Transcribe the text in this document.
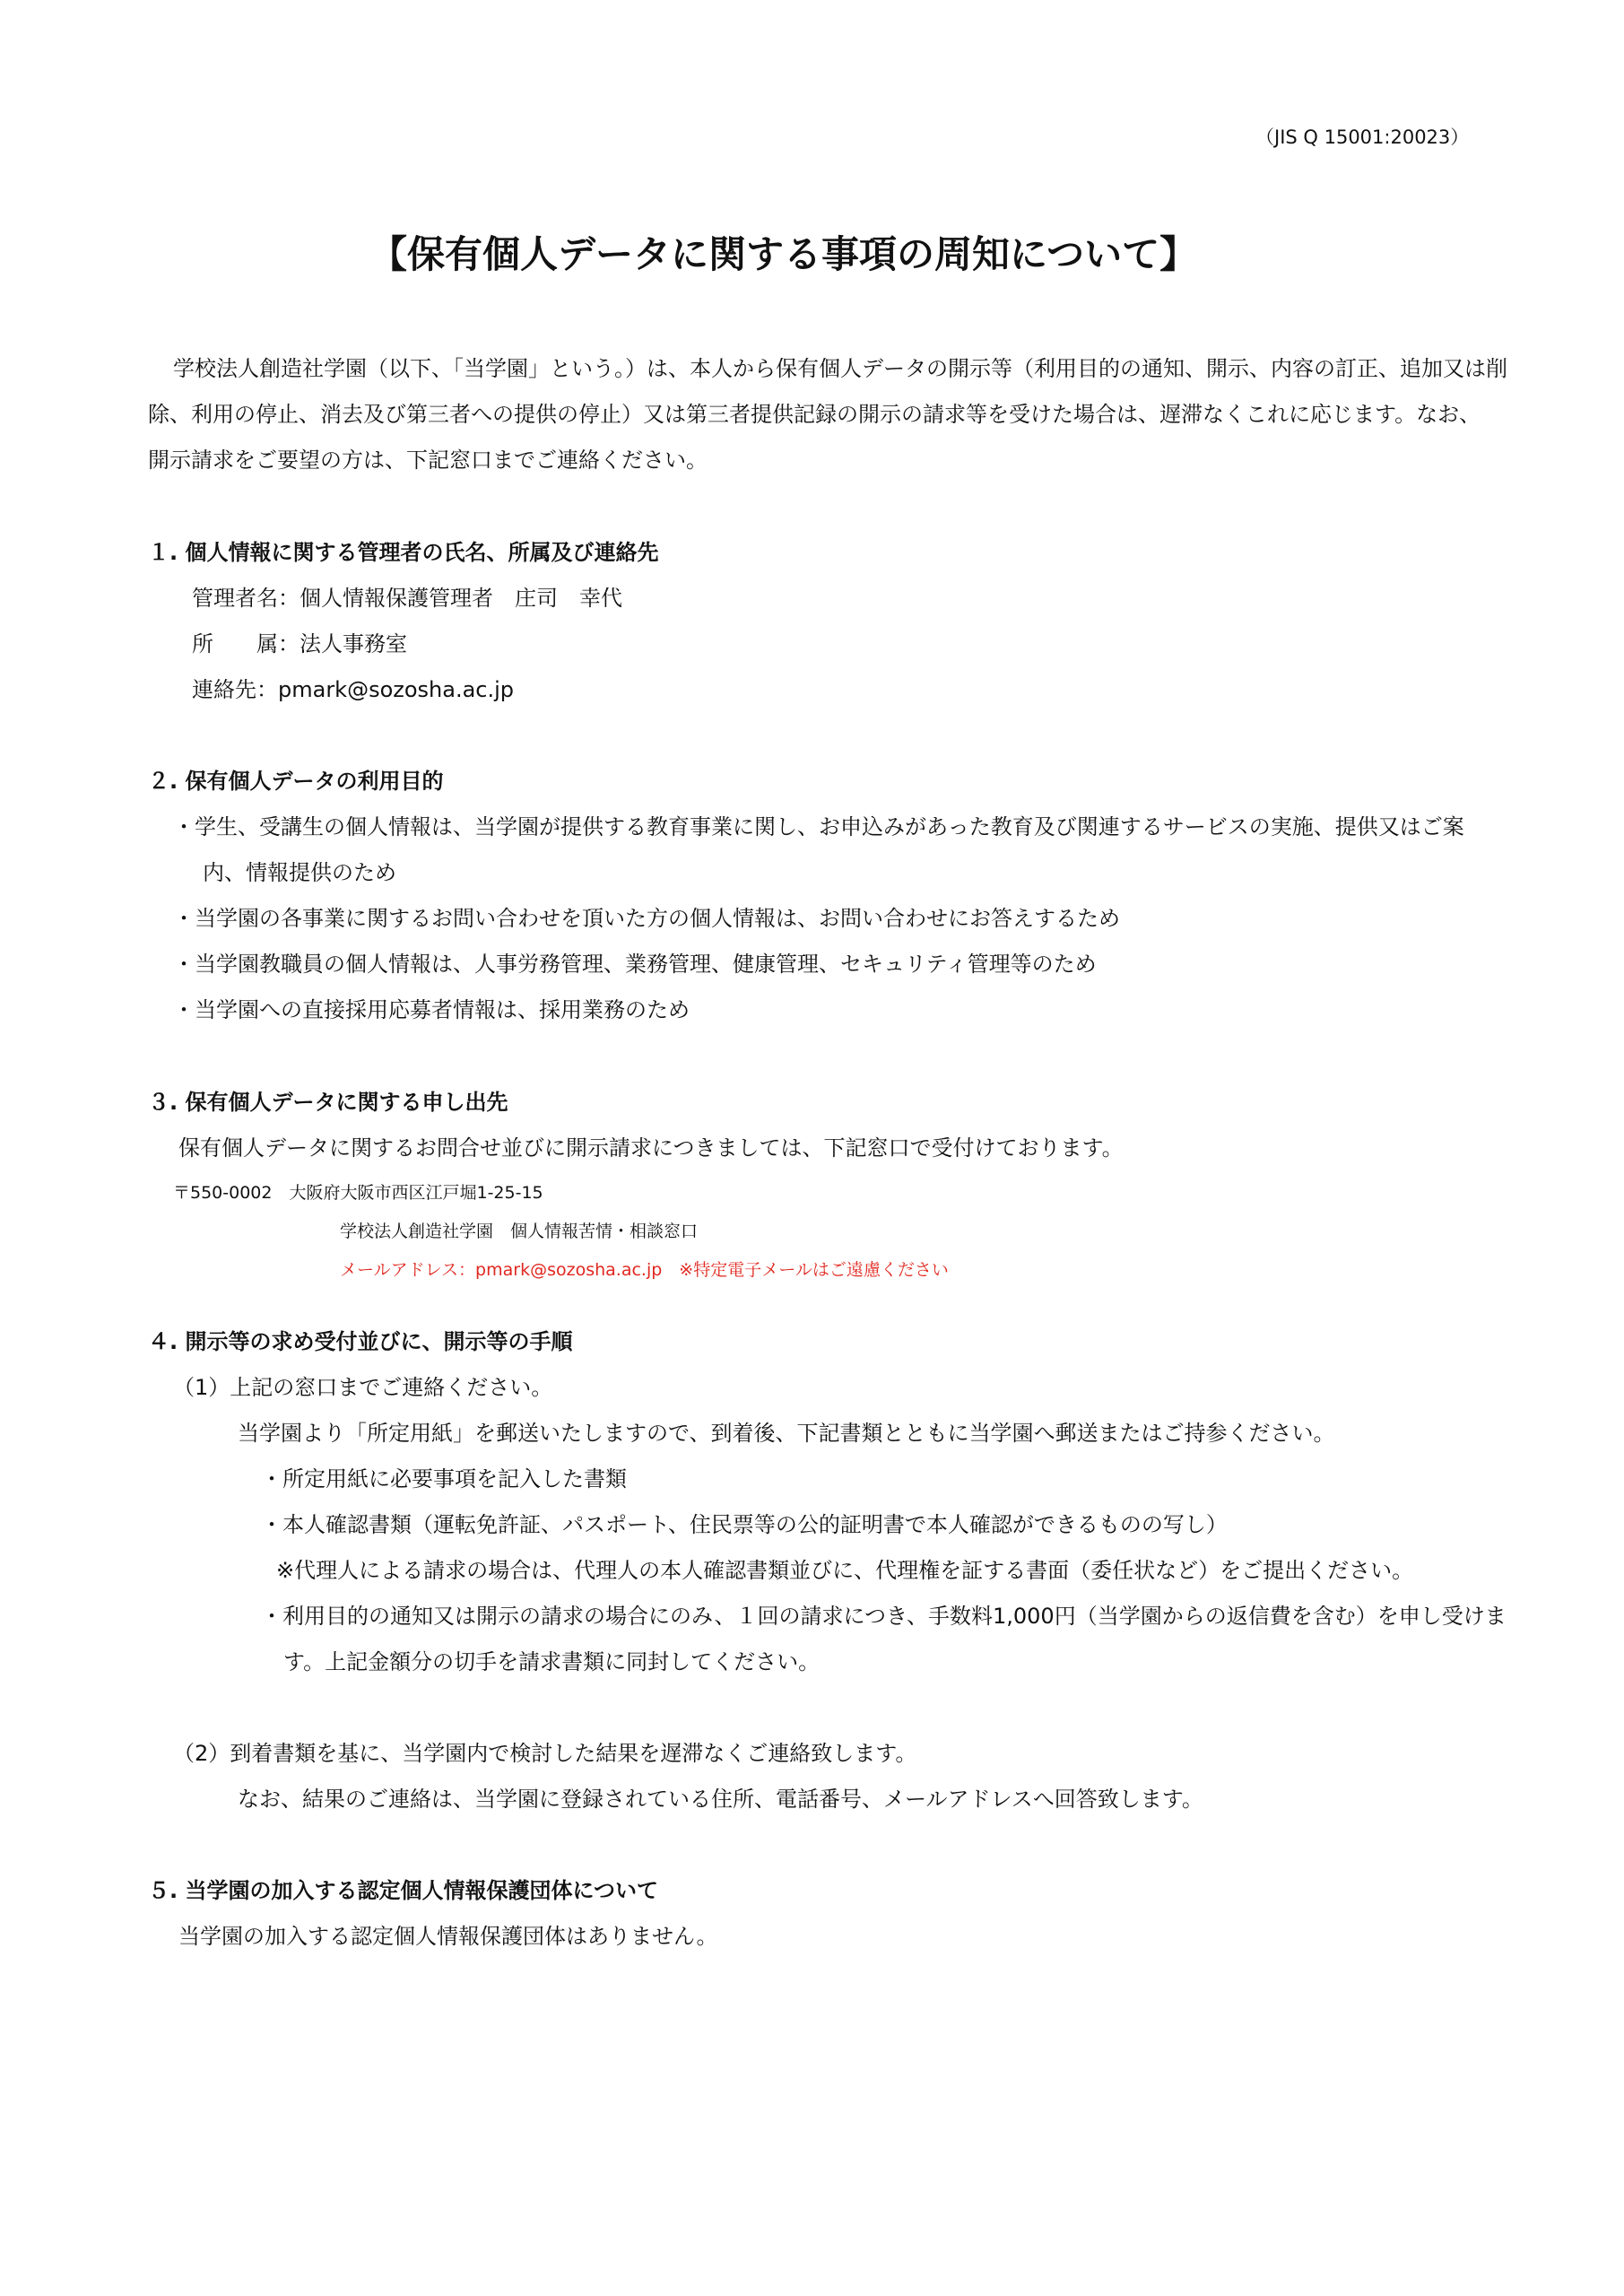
（JIS Q 15001:20023）
【保有個人データに関する事項の周知について】
学校法人創造社学園（以下、「当学園」という。）は、本人から保有個人データの開示等（利用目的の通知、開示、内容の訂正、追加又は削
除、利用の停止、消去及び第三者への提供の停止）又は第三者提供記録の開示の請求等を受けた場合は、遅滞なくこれに応じます。なお、
開示請求をご要望の方は、下記窓口までご連絡ください。
１. 個人情報に関する管理者の氏名、所属及び連絡先
管理者名：個人情報保護管理者　庄司　幸代
所　　属：法人事務室
連絡先：pmark@sozosha.ac.jp
２. 保有個人データの利用目的
・学生、受講生の個人情報は、当学園が提供する教育事業に関し、お申込みがあった教育及び関連するサービスの実施、提供又はご案
内、情報提供のため
・当学園の各事業に関するお問い合わせを頂いた方の個人情報は、お問い合わせにお答えするため
・当学園教職員の個人情報は、人事労務管理、業務管理、健康管理、セキュリティ管理等のため
・当学園への直接採用応募者情報は、採用業務のため
３. 保有個人データに関する申し出先
保有個人データに関するお問合せ並びに開示請求につきましては、下記窓口で受付けております。
〒550-0002　大阪府大阪市西区江戸堀1-25-15
学校法人創造社学園　個人情報苦情・相談窓口
メールアドレス：pmark@sozosha.ac.jp　※特定電子メールはご遠慮ください
４. 開示等の求め受付並びに、開示等の手順
（1）上記の窓口までご連絡ください。
当学園より「所定用紙」を郵送いたしますので、到着後、下記書類とともに当学園へ郵送またはご持参ください。
・所定用紙に必要事項を記入した書類
・本人確認書類（運転免許証、パスポート、住民票等の公的証明書で本人確認ができるものの写し）
※代理人による請求の場合は、代理人の本人確認書類並びに、代理権を証する書面（委任状など）をご提出ください。
・利用目的の通知又は開示の請求の場合にのみ、１回の請求につき、手数料1,000円（当学園からの返信費を含む）を申し受けま
す。上記金額分の切手を請求書類に同封してください。
（2）到着書類を基に、当学園内で検討した結果を遅滞なくご連絡致します。
なお、結果のご連絡は、当学園に登録されている住所、電話番号、メールアドレスへ回答致します。
５. 当学園の加入する認定個人情報保護団体について
当学園の加入する認定個人情報保護団体はありません。
